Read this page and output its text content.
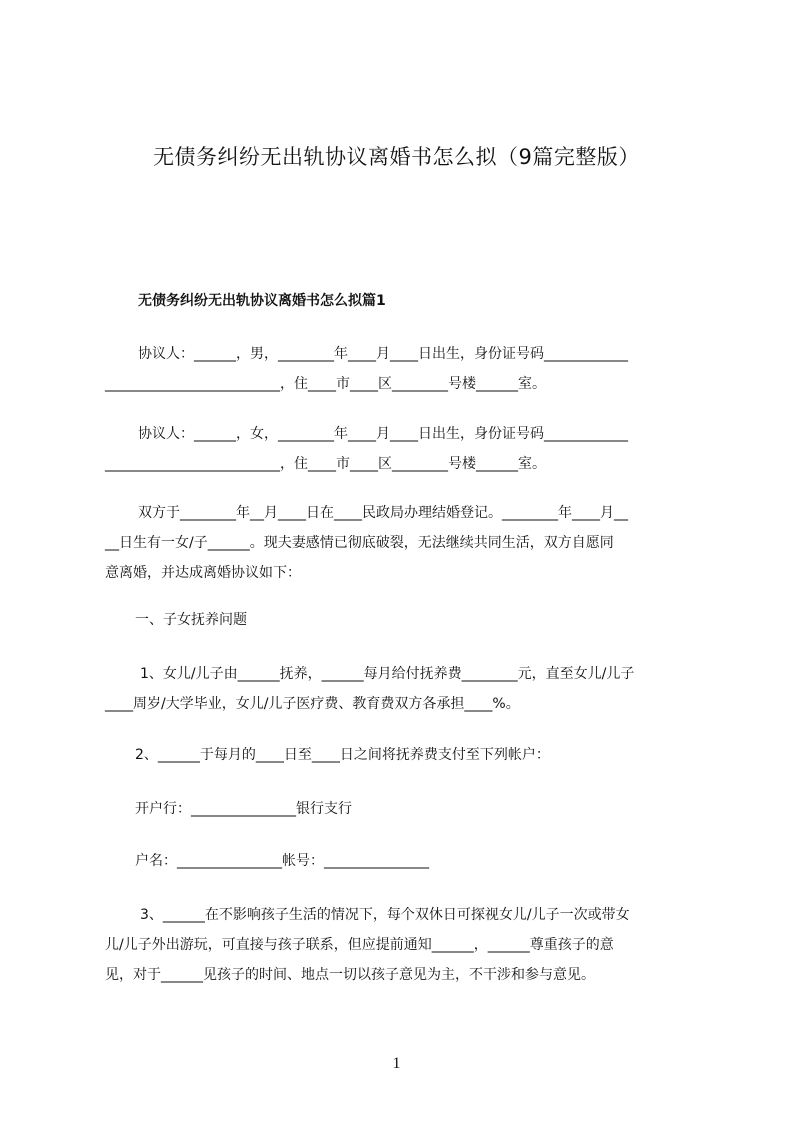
无债务纠纷无出轨协议离婚书怎么拟（9篇完整版）
无债务纠纷无出轨协议离婚书怎么拟篇1
协议人：______，男，________年____月____日出生，身份证号码____________
_________________________，住____市____区________号楼______室。
协议人：______，女，________年____月____日出生，身份证号码____________
_________________________，住____市____区________号楼______室。
双方于________年__月____日在____民政局办理结婚登记。________年____月__
__日生有一女/子______。现夫妻感情已彻底破裂，无法继续共同生活，双方自愿同
意离婚，并达成离婚协议如下：
一、子女抚养问题
1、女儿/儿子由______抚养，______每月给付抚养费________元，直至女儿/儿子
____周岁/大学毕业，女儿/儿子医疗费、教育费双方各承担____%。
2、______于每月的____日至____日之间将抚养费支付至下列帐户：
开户行：_______________银行支行
户名：_______________帐号：_______________
3、______在不影响孩子生活的情况下，每个双休日可探视女儿/儿子一次或带女
儿/儿子外出游玩，可直接与孩子联系，但应提前通知______，______尊重孩子的意
见，对于______见孩子的时间、地点一切以孩子意见为主，不干涉和参与意见。
1
